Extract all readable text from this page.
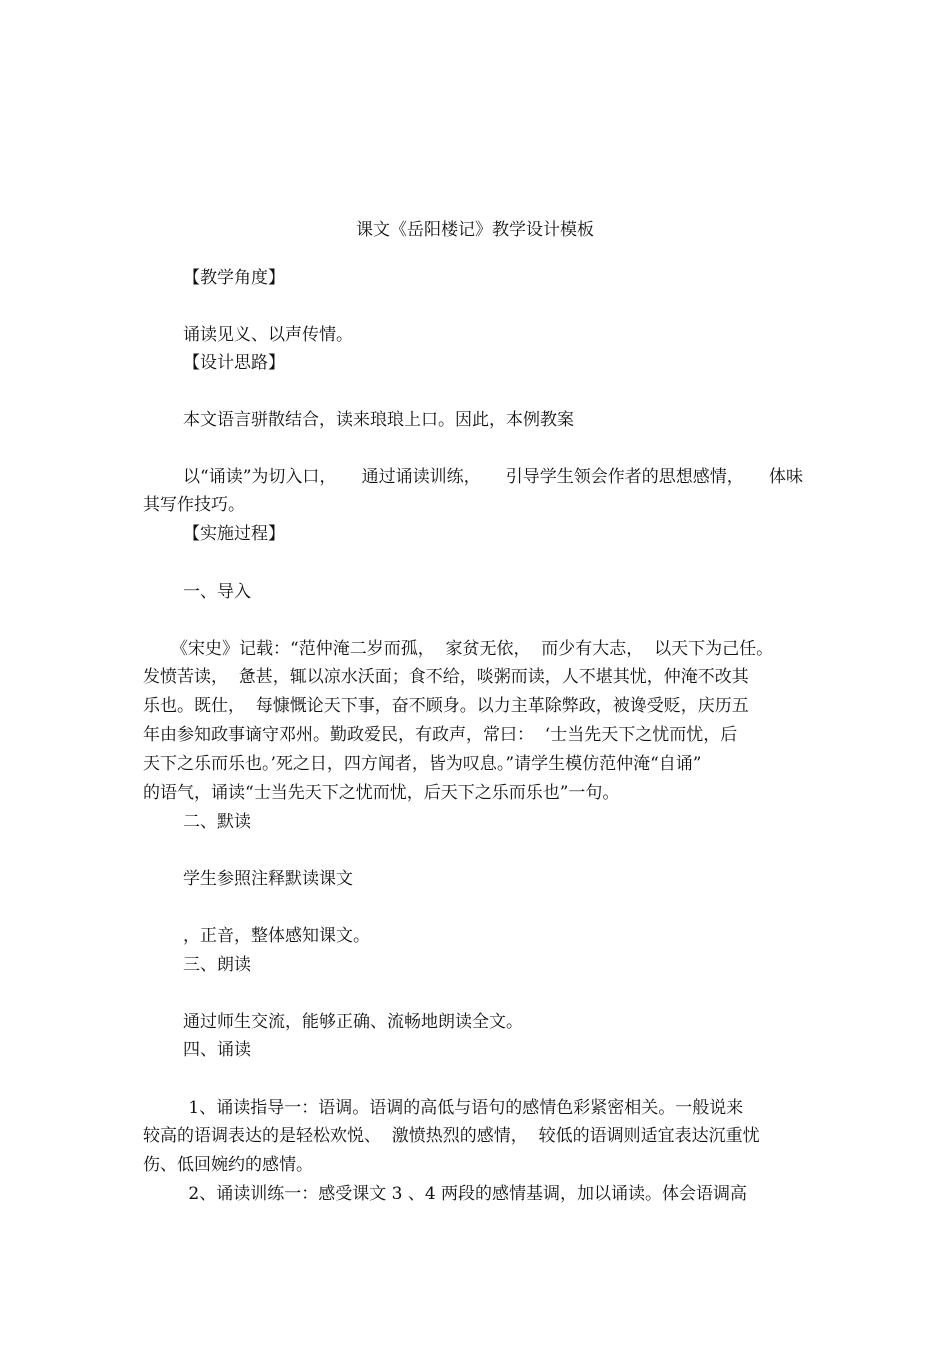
课文《岳阳楼记》教学设计模板

【教学角度】

诵读见义、以声传情。

【设计思路】

本文语言骈散结合，读来琅琅上口。因此，本例教案

以“诵读”为切入口， 通过诵读训练， 引导学生领会作者的思想感情， 体味

其写作技巧。

【实施过程】

一、导入

《宋史》记载：“范仲淹二岁而孤，  家贫无依，  而少有大志，  以天下为己任。

发愤苦读，  惫甚，辄以凉水沃面；食不给，啖粥而读，人不堪其忧，仲淹不改其

乐也。既仕，  每慷慨论天下事，奋不顾身。以力主革除弊政，被谗受贬，庆历五

年由参知政事谪守邓州。勤政爱民，有政声，常曰：  ‘士当先天下之忧而忧，后

天下之乐而乐也。’死之日，四方闻者，皆为叹息。”请学生模仿范仲淹“自诵”

的语气，诵读“士当先天下之忧而忧，后天下之乐而乐也”一句。

二、默读

学生参照注释默读课文

，正音，整体感知课文。

三、朗读

通过师生交流，能够正确、流畅地朗读全文。

四、诵读

1、诵读指导一：语调。语调的高低与语句的感情色彩紧密相关。一般说来

较高的语调表达的是轻松欢悦、  激愤热烈的感情，  较低的语调则适宜表达沉重忧

伤、低回婉约的感情。

2、诵读训练一：感受课文 3 、4 两段的感情基调，加以诵读。体会语调高
